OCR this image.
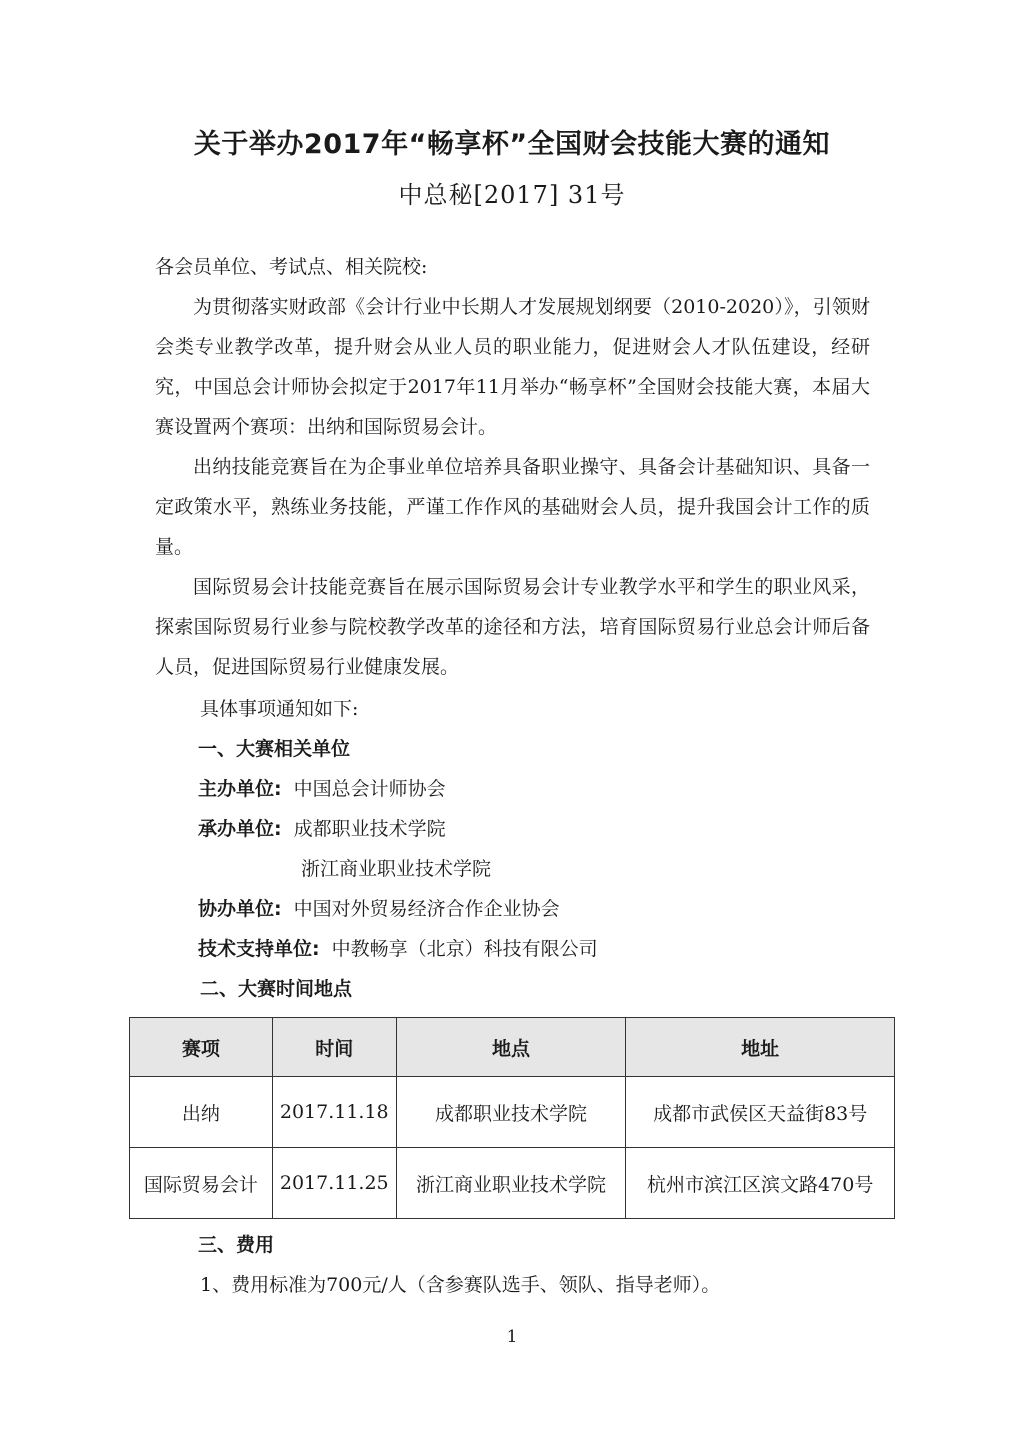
关于举办2017年“畅享杯”全国财会技能大赛的通知
中总秘[2017] 31号
各会员单位、考试点、相关院校:
为贯彻落实财政部《会计行业中长期人才发展规划纲要（2010-2020）》，引领财会类专业教学改革，提升财会从业人员的职业能力，促进财会人才队伍建设，经研究，中国总会计师协会拟定于2017年11月举办“畅享杯”全国财会技能大赛，本届大赛设置两个赛项：出纳和国际贸易会计。
出纳技能竞赛旨在为企事业单位培养具备职业操守、具备会计基础知识、具备一定政策水平，熟练业务技能，严谨工作作风的基础财会人员，提升我国会计工作的质量。
国际贸易会计技能竞赛旨在展示国际贸易会计专业教学水平和学生的职业风采，探索国际贸易行业参与院校教学改革的途径和方法，培育国际贸易行业总会计师后备人员，促进国际贸易行业健康发展。
具体事项通知如下:
一、大赛相关单位
主办单位: 中国总会计师协会
承办单位: 成都职业技术学院
浙江商业职业技术学院
协办单位: 中国对外贸易经济合作企业协会
技术支持单位: 中教畅享（北京）科技有限公司
二、大赛时间地点
赛项	时间	地点	地址
出纳	2017.11.18	成都职业技术学院	成都市武侯区天益街83号
国际贸易会计	2017.11.25	浙江商业职业技术学院	杭州市滨江区滨文路470号
三、费用
1、费用标准为700元/人（含参赛队选手、领队、指导老师）。
1
